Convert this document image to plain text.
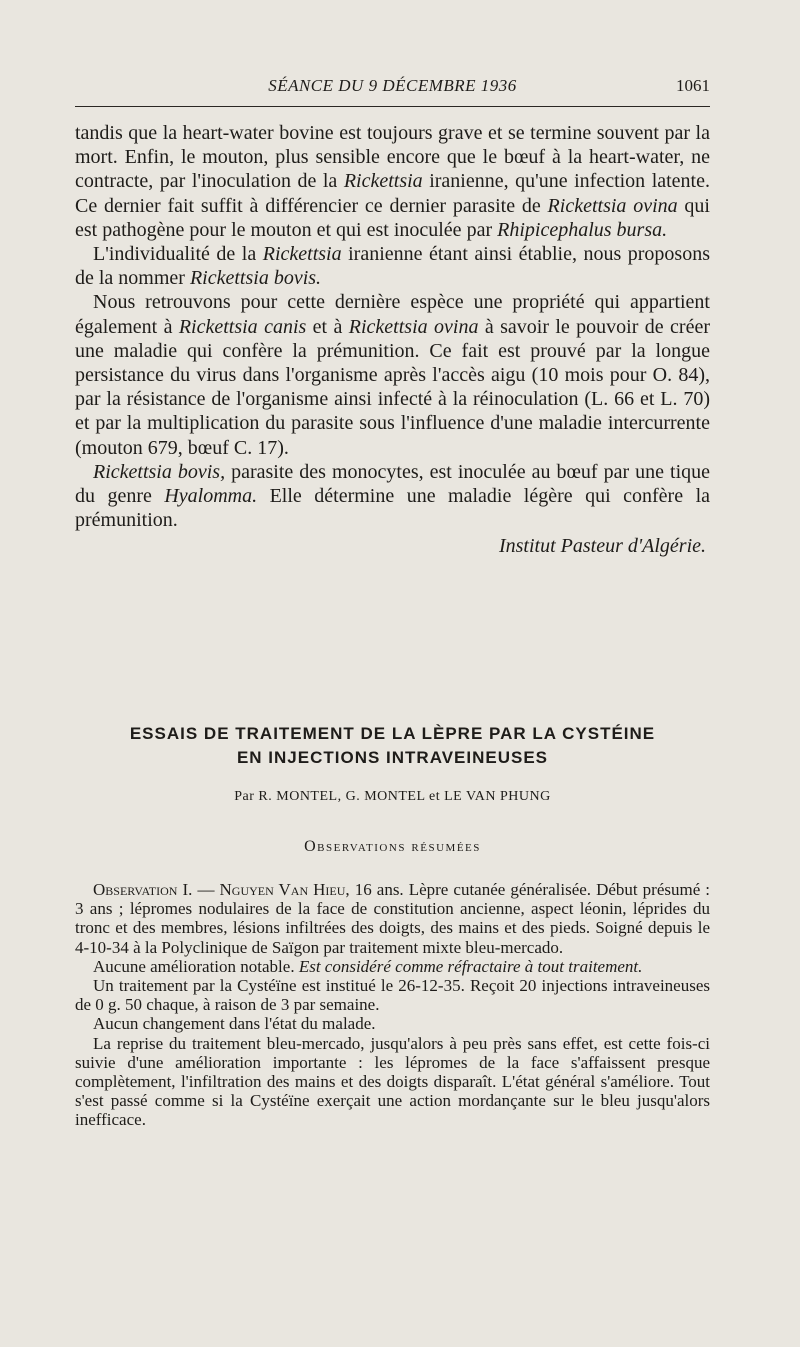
SÉANCE DU 9 DÉCEMBRE 1936	1061

tandis que la heart-water bovine est toujours grave et se termine souvent par la mort. Enfin, le mouton, plus sensible encore que le bœuf à la heart-water, ne contracte, par l'inoculation de la Rickettsia iranienne, qu'une infection latente. Ce dernier fait suffit à différencier ce dernier parasite de Rickettsia ovina qui est pathogène pour le mouton et qui est inoculée par Rhipicephalus bursa.

L'individualité de la Rickettsia iranienne étant ainsi établie, nous proposons de la nommer Rickettsia bovis.

Nous retrouvons pour cette dernière espèce une propriété qui appartient également à Rickettsia canis et à Rickettsia ovina à savoir le pouvoir de créer une maladie qui confère la prémunition. Ce fait est prouvé par la longue persistance du virus dans l'organisme après l'accès aigu (10 mois pour O. 84), par la résistance de l'organisme ainsi infecté à la réinoculation (L. 66 et L. 70) et par la multiplication du parasite sous l'influence d'une maladie intercurrente (mouton 679, bœuf C. 17).

Rickettsia bovis, parasite des monocytes, est inoculée au bœuf par une tique du genre Hyalomma. Elle détermine une maladie légère qui confère la prémunition.

Institut Pasteur d'Algérie.
ESSAIS DE TRAITEMENT DE LA LÈPRE PAR LA CYSTÉINE
EN INJECTIONS INTRAVEINEUSES
Par R. MONTEL, G. MONTEL et LE VAN PHUNG
Observations résumées

Observation I. — Nguyen Van Hieu, 16 ans. Lèpre cutanée généralisée. Début présumé : 3 ans ; lépromes nodulaires de la face de constitution ancienne, aspect léonin, léprides du tronc et des membres, lésions infiltrées des doigts, des mains et des pieds. Soigné depuis le 4-10-34 à la Polyclinique de Saïgon par traitement mixte bleu-mercado.

Aucune amélioration notable. Est considéré comme réfractaire à tout traitement.

Un traitement par la Cystéïne est institué le 26-12-35. Reçoit 20 injections intraveineuses de 0 g. 50 chaque, à raison de 3 par semaine.

Aucun changement dans l'état du malade.

La reprise du traitement bleu-mercado, jusqu'alors à peu près sans effet, est cette fois-ci suivie d'une amélioration importante : les lépromes de la face s'affaissent presque complètement, l'infiltration des mains et des doigts disparaît. L'état général s'améliore. Tout s'est passé comme si la Cystéïne exerçait une action mordançante sur le bleu jusqu'alors inefficace.
